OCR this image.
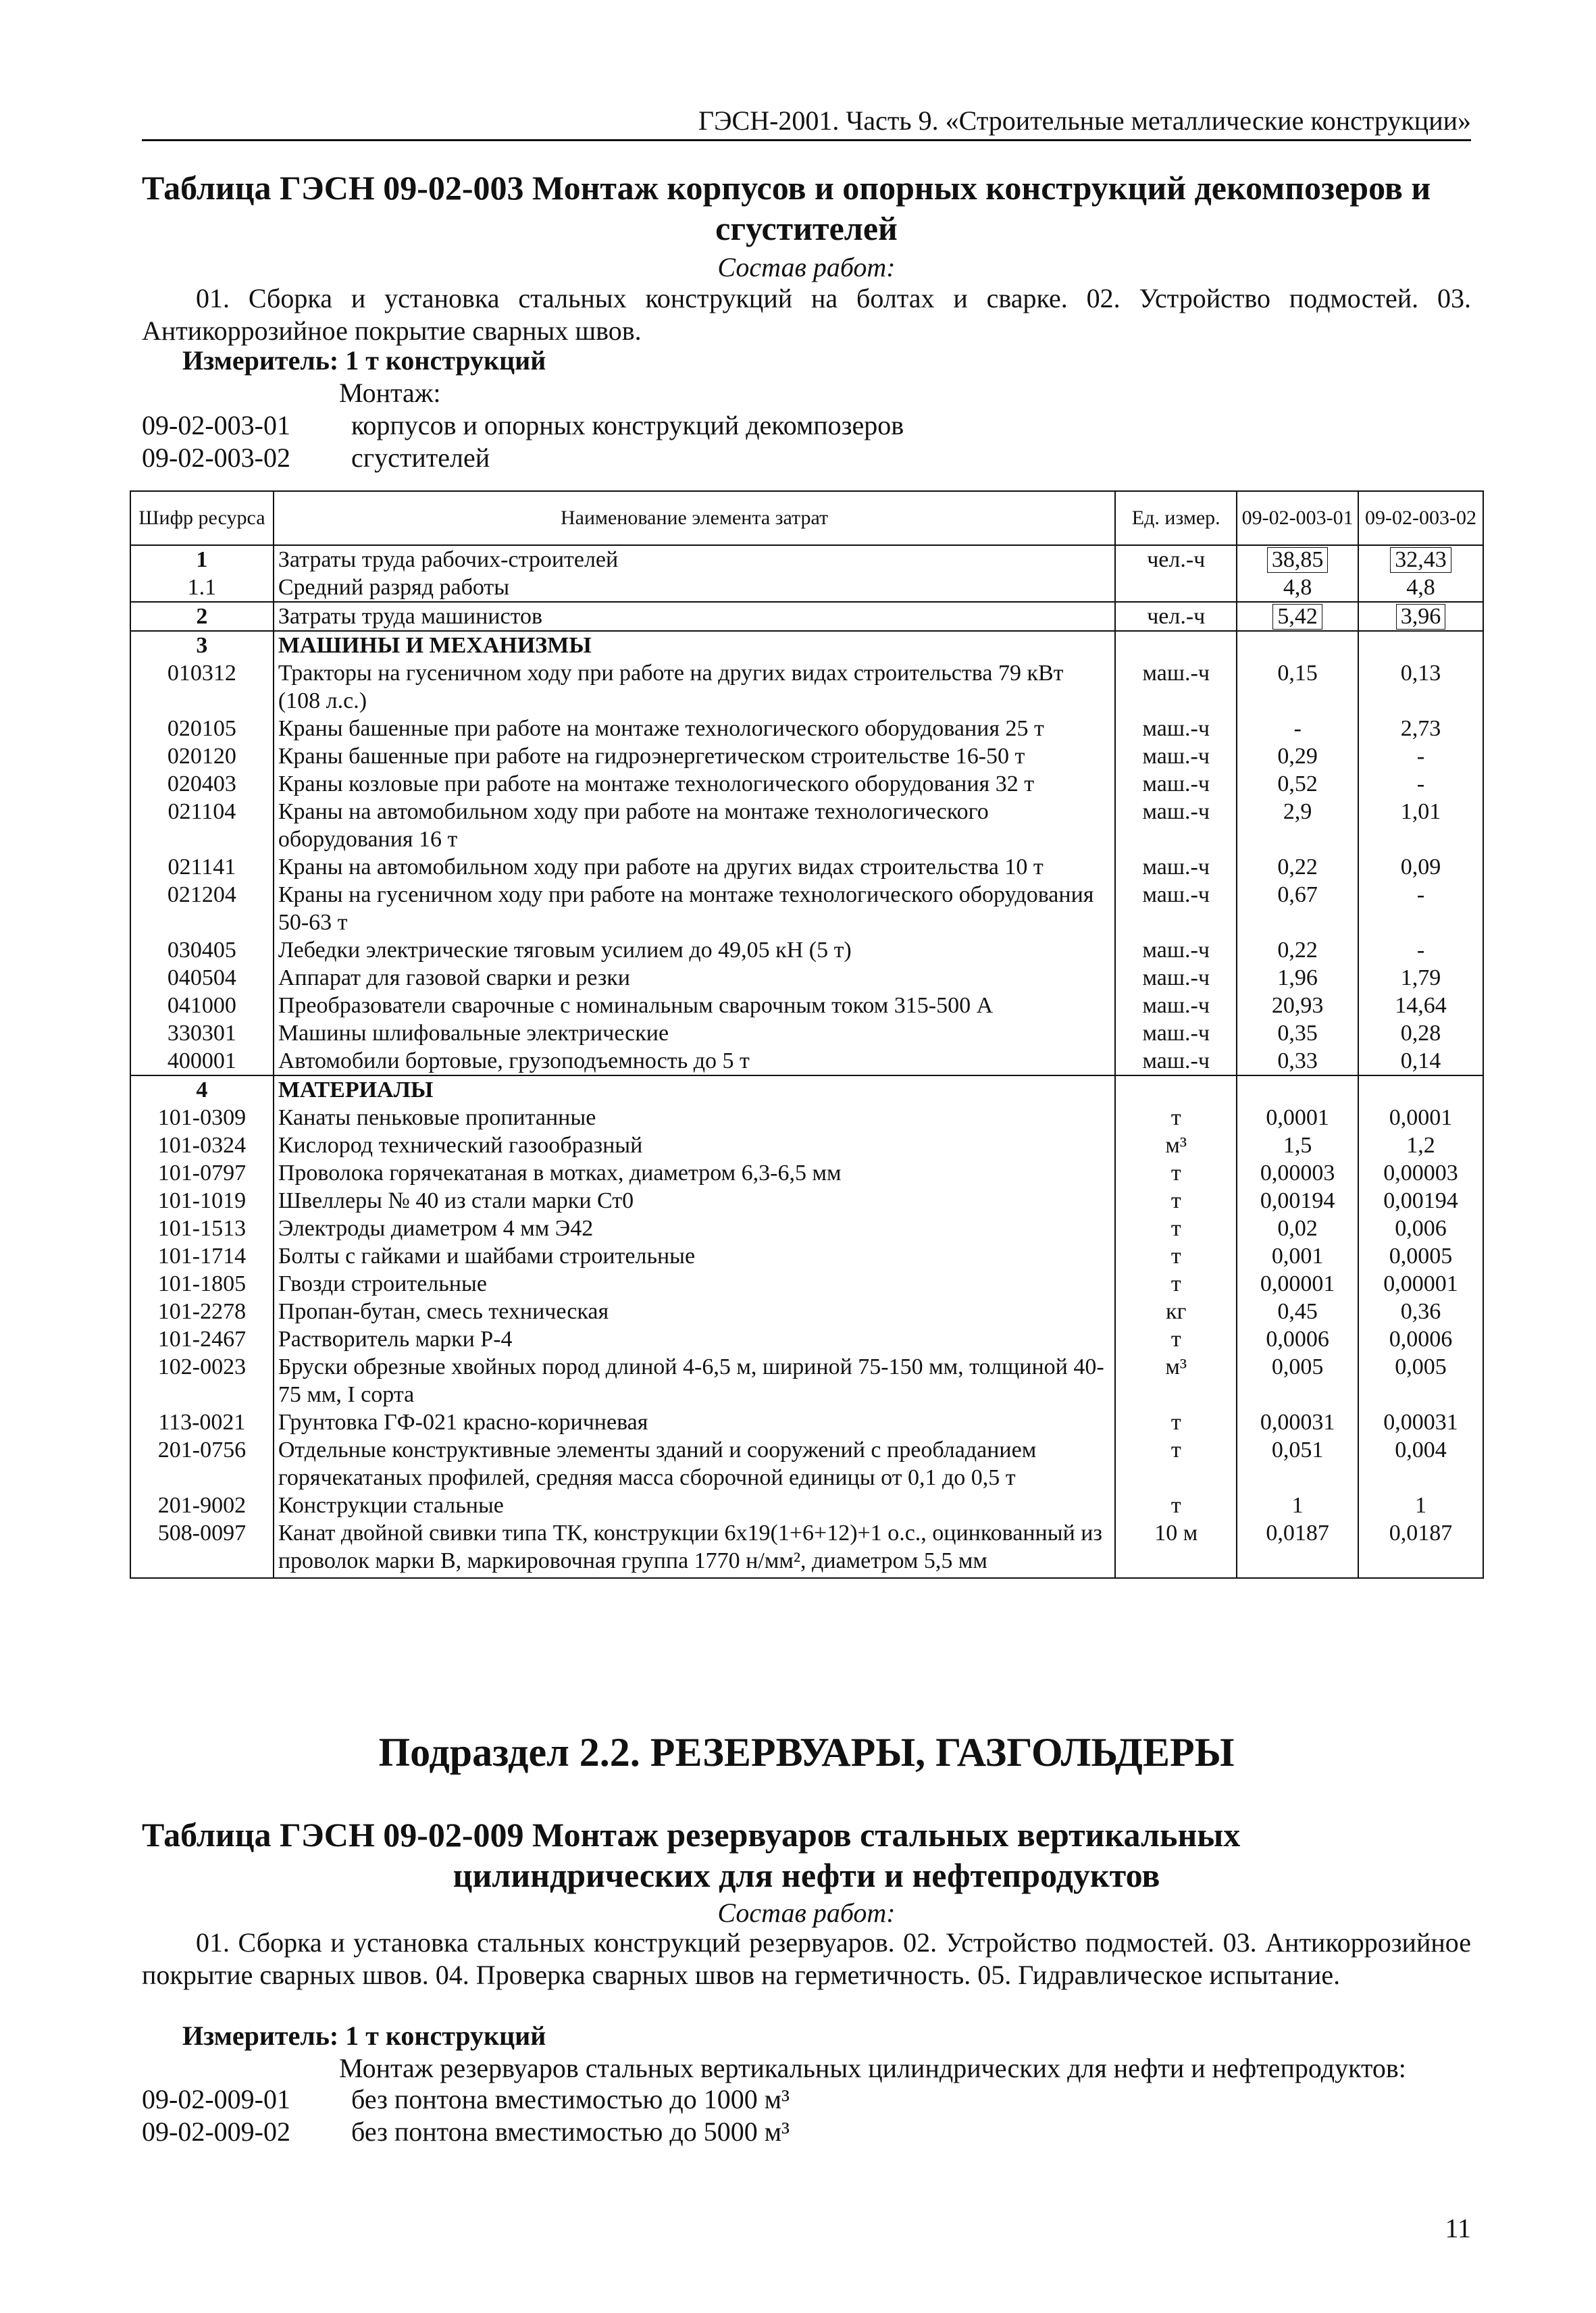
ГЭСН-2001. Часть 9. «Строительные металлические конструкции»
Таблица ГЭСН 09-02-003 Монтаж корпусов и опорных конструкций декомпозеров и
сгустителей
Состав работ:
01. Сборка и установка стальных конструкций на болтах и сварке. 02. Устройство подмостей. 03. Антикоррозийное покрытие сварных швов.
Измеритель: 1 т конструкций
Монтаж:
09-02-003-01 корпусов и опорных конструкций декомпозеров
09-02-003-02 сгустителей
Шифр ресурса	Наименование элемента затрат	Ед. измер.	09-02-003-01	09-02-003-02
1	Затраты труда рабочих-строителей	чел.-ч	38,85	32,43
1.1	Средний разряд работы		4,8	4,8
2	Затраты труда машинистов	чел.-ч	5,42	3,96
3	МАШИНЫ И МЕХАНИЗМЫ			
010312	Тракторы на гусеничном ходу при работе на других видах строительства 79 кВт (108 л.с.)	маш.-ч	0,15	0,13
020105	Краны башенные при работе на монтаже технологического оборудования 25 т	маш.-ч	-	2,73
020120	Краны башенные при работе на гидроэнергетическом строительстве 16-50 т	маш.-ч	0,29	-
020403	Краны козловые при работе на монтаже технологического оборудования 32 т	маш.-ч	0,52	-
021104	Краны на автомобильном ходу при работе на монтаже технологического оборудования 16 т	маш.-ч	2,9	1,01
021141	Краны на автомобильном ходу при работе на других видах строительства 10 т	маш.-ч	0,22	0,09
021204	Краны на гусеничном ходу при работе на монтаже технологического оборудования 50-63 т	маш.-ч	0,67	-
030405	Лебедки электрические тяговым усилием до 49,05 кН (5 т)	маш.-ч	0,22	-
040504	Аппарат для газовой сварки и резки	маш.-ч	1,96	1,79
041000	Преобразователи сварочные с номинальным сварочным током 315-500 А	маш.-ч	20,93	14,64
330301	Машины шлифовальные электрические	маш.-ч	0,35	0,28
400001	Автомобили бортовые, грузоподъемность до 5 т	маш.-ч	0,33	0,14
4	МАТЕРИАЛЫ			
101-0309	Канаты пеньковые пропитанные	т	0,0001	0,0001
101-0324	Кислород технический газообразный	м³	1,5	1,2
101-0797	Проволока горячекатаная в мотках, диаметром 6,3-6,5 мм	т	0,00003	0,00003
101-1019	Швеллеры № 40 из стали марки Ст0	т	0,00194	0,00194
101-1513	Электроды диаметром 4 мм Э42	т	0,02	0,006
101-1714	Болты с гайками и шайбами строительные	т	0,001	0,0005
101-1805	Гвозди строительные	т	0,00001	0,00001
101-2278	Пропан-бутан, смесь техническая	кг	0,45	0,36
101-2467	Растворитель марки Р-4	т	0,0006	0,0006
102-0023	Бруски обрезные хвойных пород длиной 4-6,5 м, шириной 75-150 мм, толщиной 40-75 мм, I сорта	м³	0,005	0,005
113-0021	Грунтовка ГФ-021 красно-коричневая	т	0,00031	0,00031
201-0756	Отдельные конструктивные элементы зданий и сооружений с преобладанием горячекатаных профилей, средняя масса сборочной единицы от 0,1 до 0,5 т	т	0,051	0,004
201-9002	Конструкции стальные	т	1	1
508-0097	Канат двойной свивки типа ТК, конструкции 6х19(1+6+12)+1 о.с., оцинкованный из проволок марки В, маркировочная группа 1770 н/мм², диаметром 5,5 мм	10 м	0,0187	0,0187
Подраздел 2.2. РЕЗЕРВУАРЫ, ГАЗГОЛЬДЕРЫ
Таблица ГЭСН 09-02-009 Монтаж резервуаров стальных вертикальных
цилиндрических для нефти и нефтепродуктов
Состав работ:
01. Сборка и установка стальных конструкций резервуаров. 02. Устройство подмостей. 03. Антикоррозийное покрытие сварных швов. 04. Проверка сварных швов на герметичность. 05. Гидравлическое испытание.
Измеритель: 1 т конструкций
Монтаж резервуаров стальных вертикальных цилиндрических для нефти и нефтепродуктов:
09-02-009-01 без понтона вместимостью до 1000 м³
09-02-009-02 без понтона вместимостью до 5000 м³
11
